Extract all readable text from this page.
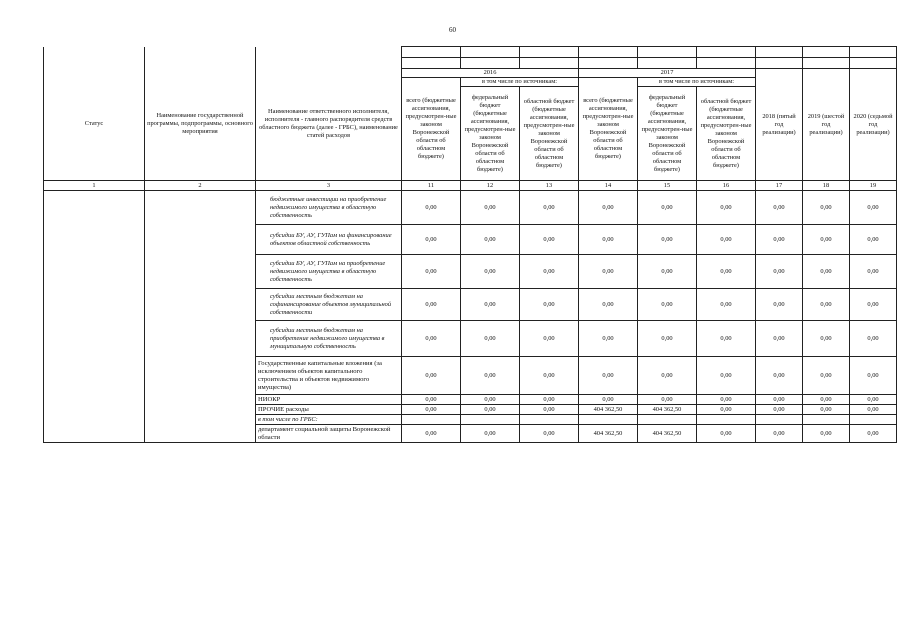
60

Статус	Наименование государственной программы, подпрограммы, основного мероприятия	Наименование ответственного исполнителя, исполнителя - главного распорядителя средств областного бюджета (далее - ГРБС), наименование статей расходов	2016			2017			2018 (пятый год реализации)	2019 (шестой год реализации)	2020 (седьмой год реализации)
			всего (бюджетные ассигнования, предусмотрен-ные законом Воронежской области об областном бюджете)	в том числе по источникам:		всего (бюджетные ассигнования, предусмотрен-ные законом Воронежской области об областном бюджете)	в том числе по источникам:				
				федеральный бюджет (бюджетные ассигнования, предусмотрен-ные законом Воронежской области об областном бюджете)	областной бюджет (бюджетные ассигнования, предусмотрен-ные законом Воронежской области об областном бюджете)		федеральный бюджет (бюджетные ассигнования, предусмотрен-ные законом Воронежской области об областном бюджете)	областной бюджет (бюджетные ассигнования, предусмотрен-ные законом Воронежской области об областном бюджете)			
1	2	3	11	12	13	14	15	16	17	18	19
		бюджетные инвестиции на приобретение недвижимого имущества в областную собственность	0,00	0,00	0,00	0,00	0,00	0,00	0,00	0,00	0,00
		субсидии БУ, АУ, ГУПам на финансирование объектов областной собственность	0,00	0,00	0,00	0,00	0,00	0,00	0,00	0,00	0,00
		субсидии БУ, АУ, ГУПам на приобретение недвижимого имущества в областную собственность	0,00	0,00	0,00	0,00	0,00	0,00	0,00	0,00	0,00
		субсидии местным бюджетам на софинансирование объектов муниципальной собственности	0,00	0,00	0,00	0,00	0,00	0,00	0,00	0,00	0,00
		субсидии местным бюджетам на приобретение недвижимого имущества в муниципальную собственность	0,00	0,00	0,00	0,00	0,00	0,00	0,00	0,00	0,00
		Государственные капитальные вложения (за исключением объектов капитального строительства и объектов недвижимого имущества)	0,00	0,00	0,00	0,00	0,00	0,00	0,00	0,00	0,00
		НИОКР	0,00	0,00	0,00	0,00	0,00	0,00	0,00	0,00	0,00
		ПРОЧИЕ расходы	0,00	0,00	0,00	404 362,50	404 362,50	0,00	0,00	0,00	0,00
		в том числе по ГРБС:									
		департамент социальной защиты Воронежской области	0,00	0,00	0,00	404 362,50	404 362,50	0,00	0,00	0,00	0,00
